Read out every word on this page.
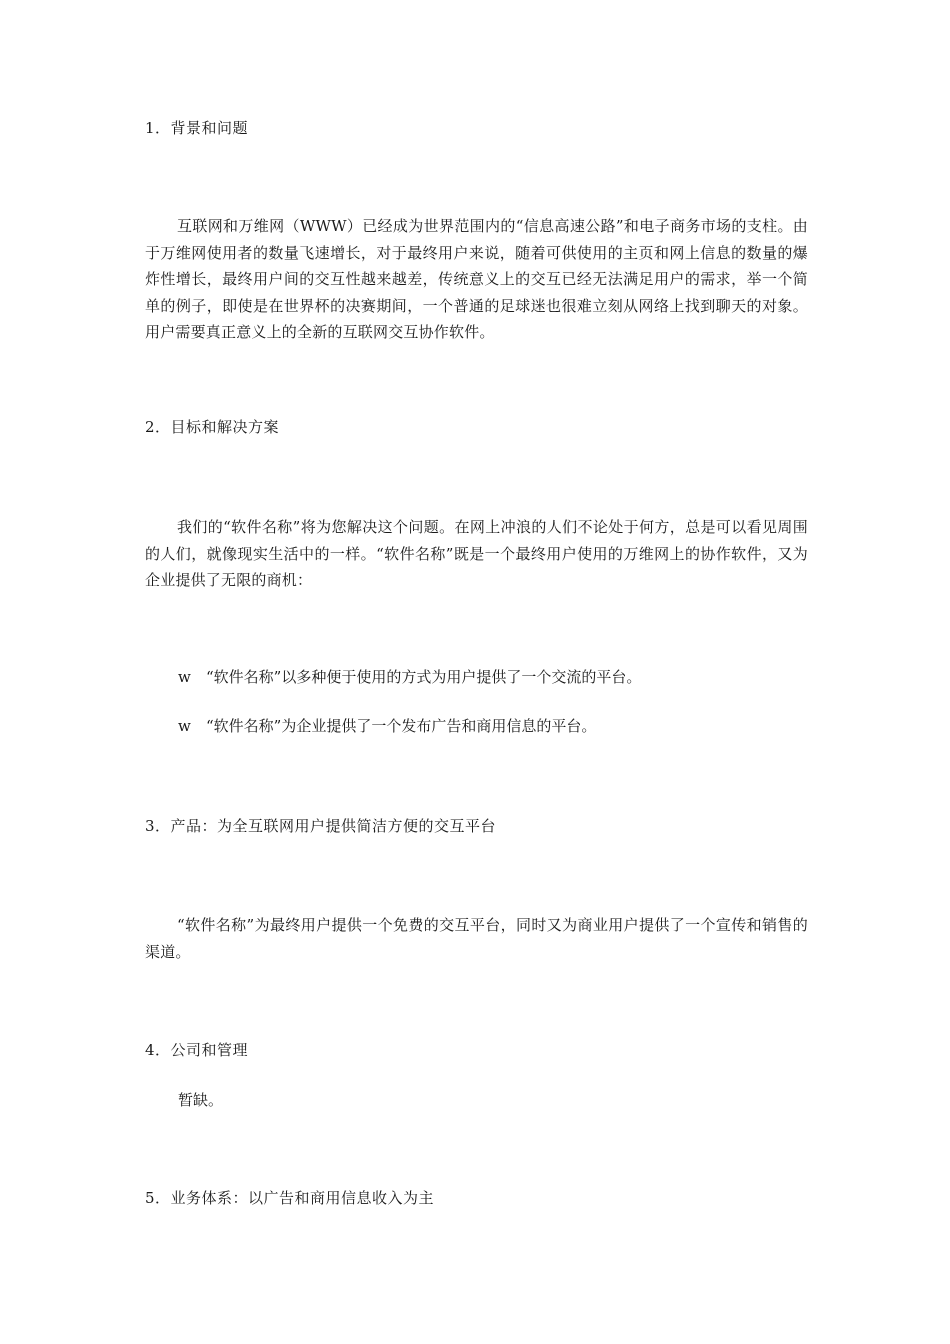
1．背景和问题
互联网和万维网（WWW）已经成为世界范围内的“信息高速公路”和电子商务市场的支柱。由于万维网使用者的数量飞速增长，对于最终用户来说，随着可供使用的主页和网上信息的数量的爆炸性增长，最终用户间的交互性越来越差，传统意义上的交互已经无法满足用户的需求，举一个简单的例子，即使是在世界杯的决赛期间，一个普通的足球迷也很难立刻从网络上找到聊天的对象。用户需要真正意义上的全新的互联网交互协作软件。
2．目标和解决方案
我们的“软件名称”将为您解决这个问题。在网上冲浪的人们不论处于何方，总是可以看见周围的人们，就像现实生活中的一样。“软件名称”既是一个最终用户使用的万维网上的协作软件，又为企业提供了无限的商机：
w “软件名称”以多种便于使用的方式为用户提供了一个交流的平台。
w “软件名称”为企业提供了一个发布广告和商用信息的平台。
3．产品：为全互联网用户提供简洁方便的交互平台
“软件名称”为最终用户提供一个免费的交互平台，同时又为商业用户提供了一个宣传和销售的渠道。
4．公司和管理
暂缺。
5．业务体系：以广告和商用信息收入为主
